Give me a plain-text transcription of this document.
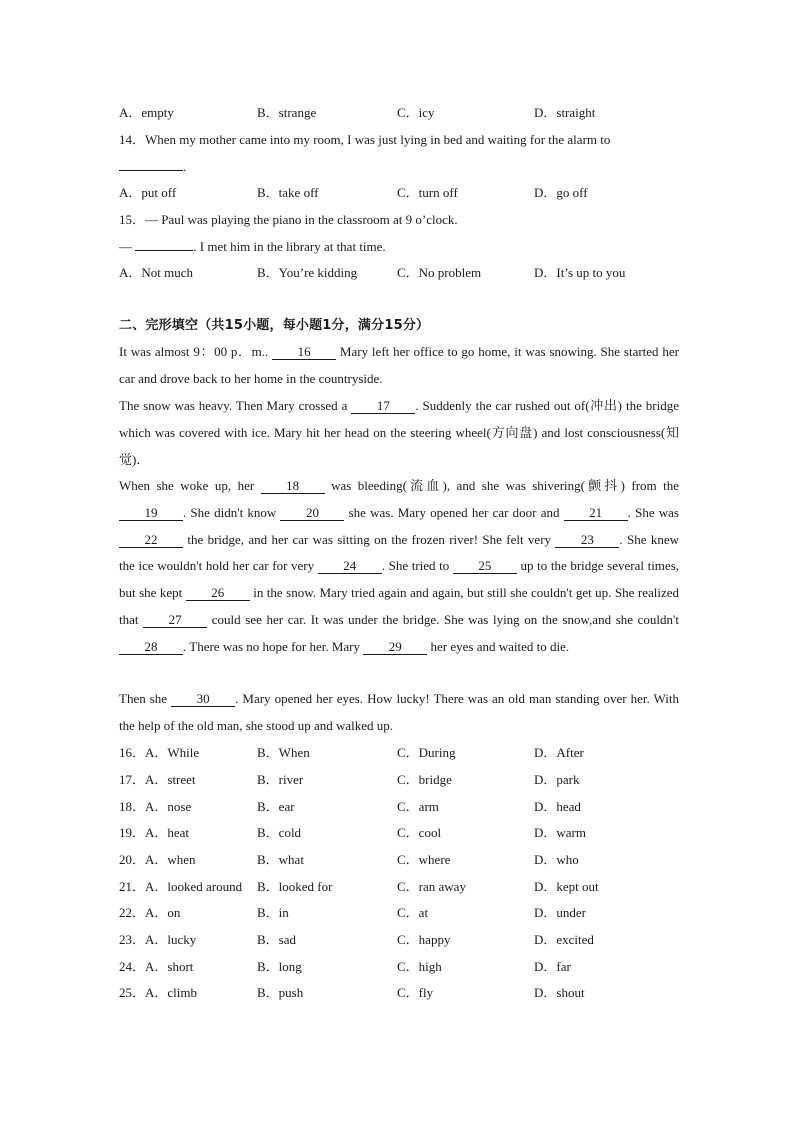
A．empty	B．strange	C．icy	D．straight
14．When my mother came into my room, I was just lying in bed and waiting for the alarm to
.
A．put off	B．take off	C．turn off	D．go off
15．— Paul was playing the piano in the classroom at 9 o’clock.
—	. I met him in the library at that time.
A．Not much	B．You’re kidding	C．No problem	D．It’s up to you
二、完形填空（共15小题，每小题1分，满分15分）
It was almost 9：00 p．m.. 16 Mary left her office to go home, it was snowing. She started her car and drove back to her home in the countryside.
The snow was heavy. Then Mary crossed a 17 . Suddenly the car rushed out of(冲出) the bridge which was covered with ice. Mary hit her head on the steering wheel(方向盘) and lost consciousness(知觉)．
When she woke up, her 18 was bleeding(流血), and she was shivering(颤抖) from the 19 . She didn't know 20 she was. Mary opened her car door and 21 . She was 22 the bridge, and her car was sitting on the frozen river! She felt very 23 . She knew the ice wouldn't hold her car for very 24 . She tried to 25 up to the bridge several times, but she kept 26 in the snow. Mary tried again and again, but still she couldn't get up. She realized that 27 could see her car. It was under the bridge. She was lying on the snow,and she couldn't 28 . There was no hope for her. Mary 29 her eyes and waited to die.
Then she 30 . Mary opened her eyes. How lucky! There was an old man standing over her. With the help of the old man, she stood up and walked up.
16．A．While	B．When	C．During	D．After
17．A．street	B．river	C．bridge	D．park
18．A．nose	B．ear	C．arm	D．head
19．A．heat	B．cold	C．cool	D．warm
20．A．when	B．what	C．where	D．who
21．A．looked around B．looked for	C．ran away	D．kept out
22．A．on	B．in	C．at	D．under
23．A．lucky	B．sad	C．happy	D．excited
24．A．short	B．long	C．high	D．far
25．A．climb	B．push	C．fly	D．shout
